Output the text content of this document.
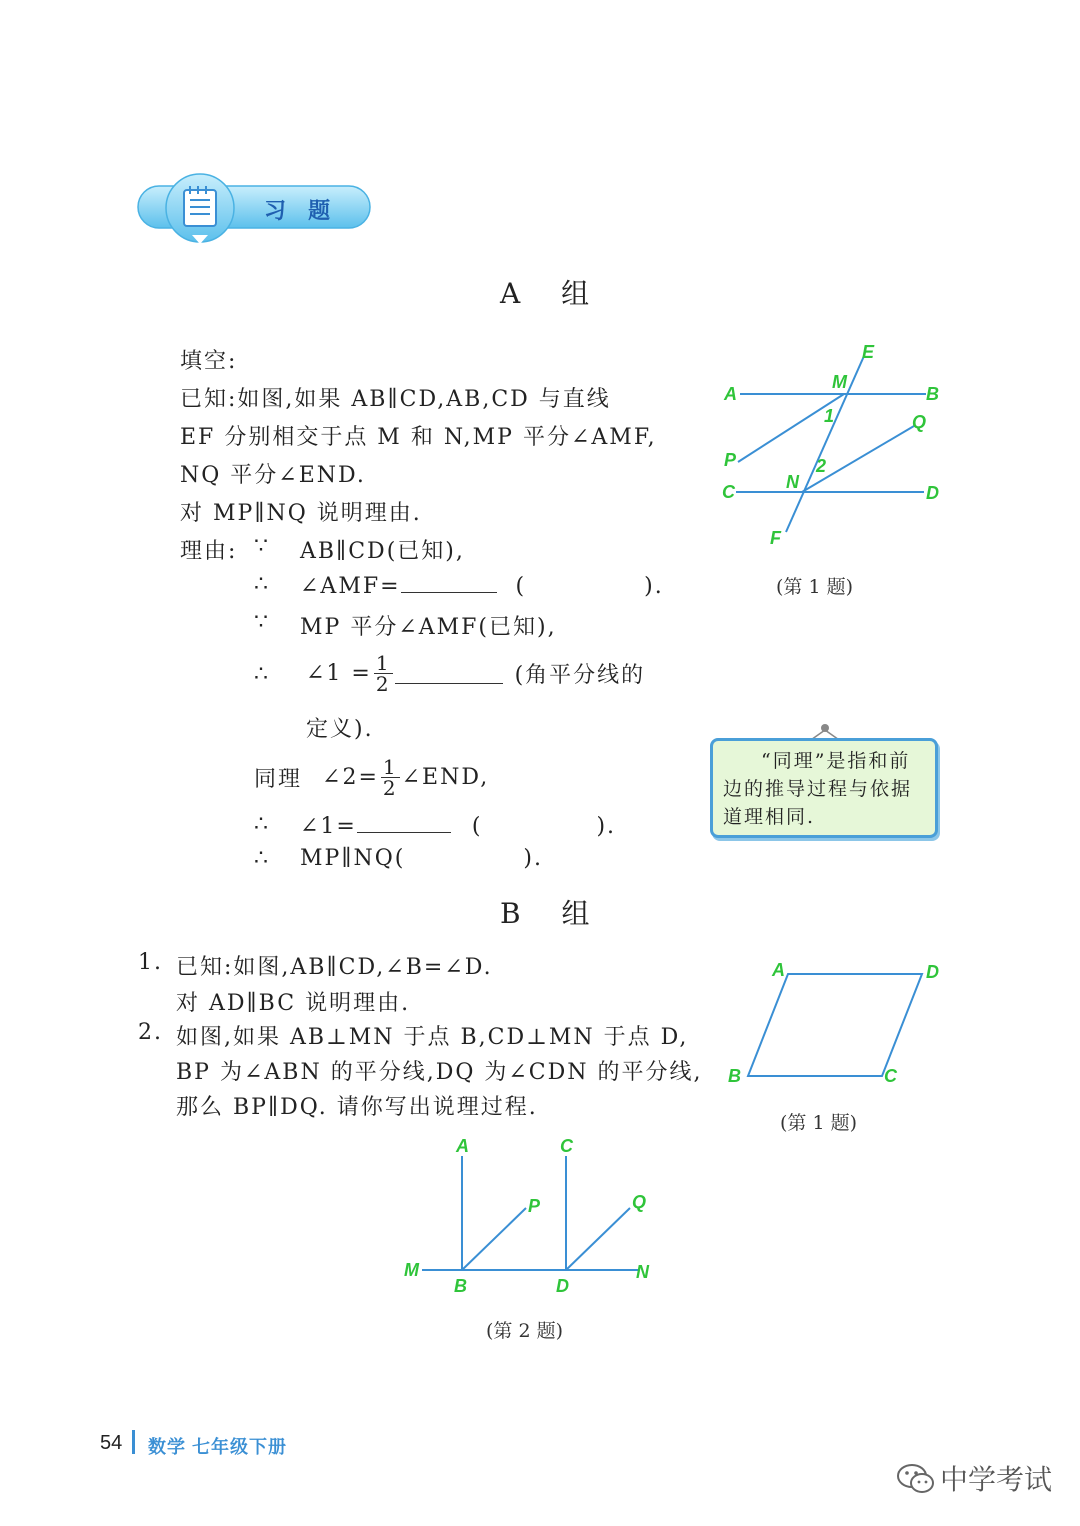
习 题
A 组
填空:
已知:如图,如果 AB∥CD,AB,CD 与直线
EF 分别相交于点 M 和 N,MP 平分∠AMF,
NQ 平分∠END.
对 MP∥NQ 说明理由.
理由: ∵ AB∥CD(已知),
∴ ∠AMF=	(	).
∵ MP 平分∠AMF(已知),
∴ ∠1 = $\frac{1}{2}$	(角平分线的
定义).
同理 ∠2= $\frac{1}{2}$ ∠END,
∴ ∠1=	(	).
∴ MP∥NQ(	).
A	B
C	D
E
F
M
N
P
Q
1
2
(第 1 题)
“同理”是指和前边的推导过程与依据道理相同.
B 组
1. 已知:如图,AB∥CD,∠B=∠D.
对 AD∥BC 说明理由.
2. 如图,如果 AB⊥MN 于点 B,CD⊥MN 于点 D,
BP 为∠ABN 的平分线,DQ 为∠CDN 的平分线,
那么 BP∥DQ. 请你写出说理过程.
A	D
B	C
(第 1 题)
A	C
P	Q
M	N
B	D
(第 2 题)
54 数学 七年级下册
中学考试
